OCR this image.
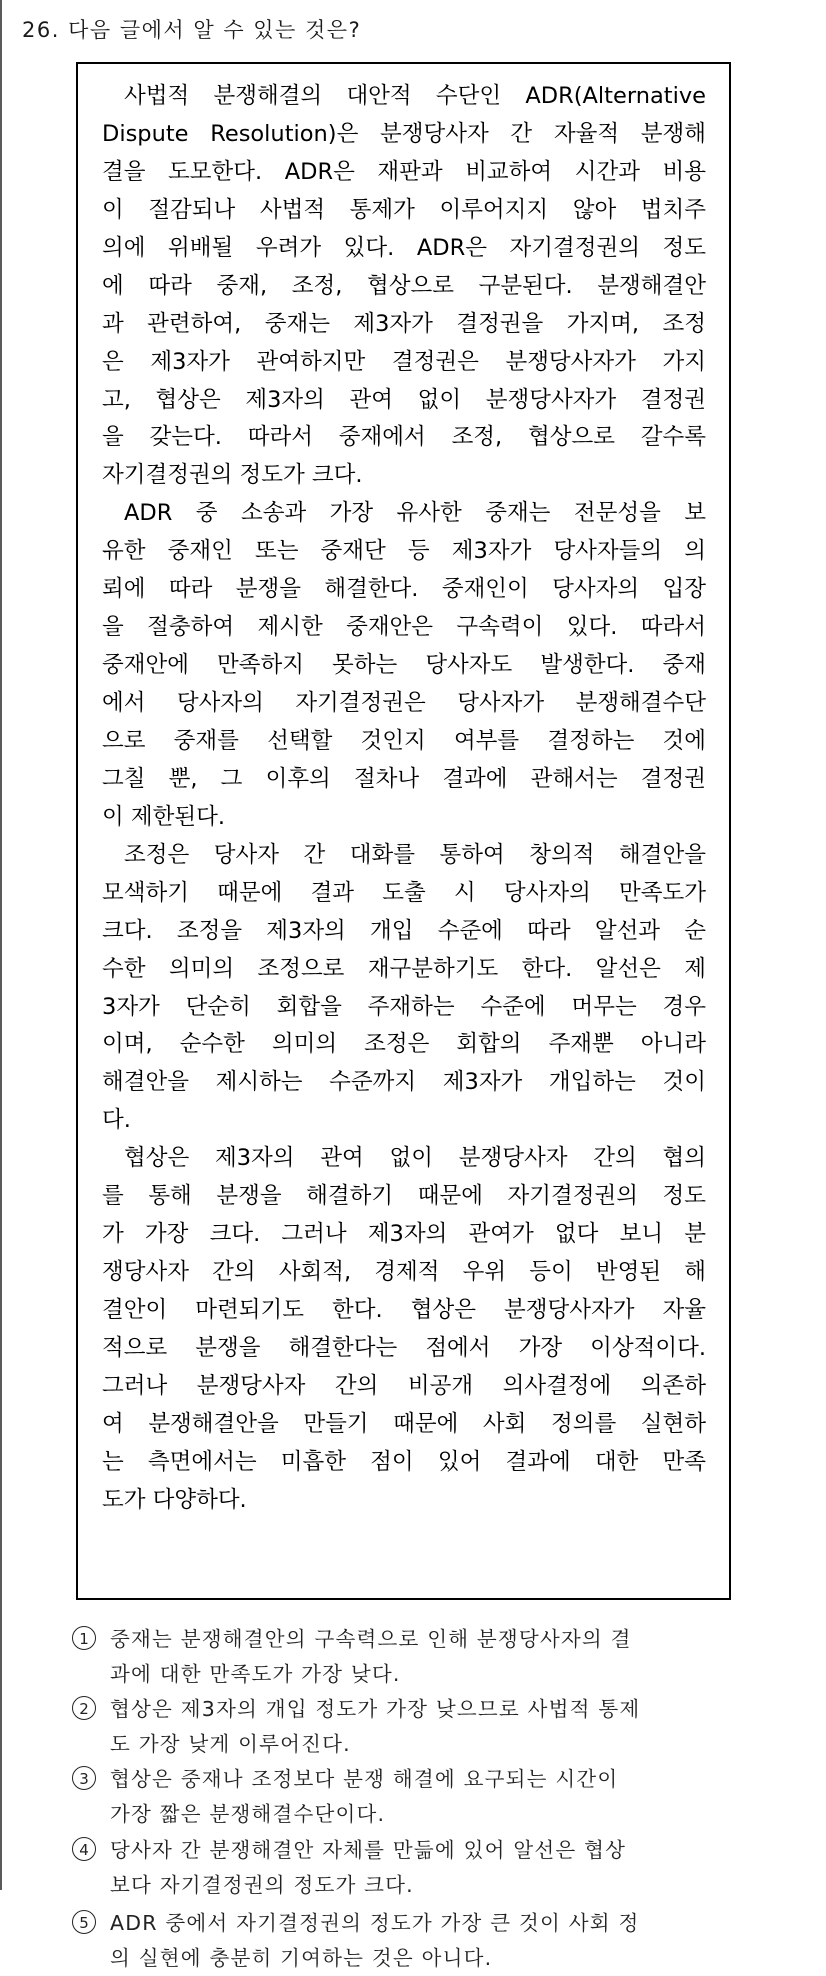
26. 다음 글에서 알 수 있는 것은?
사법적 분쟁해결의 대안적 수단인 ADR(Alternative
Dispute Resolution)은 분쟁당사자 간 자율적 분쟁해
결을 도모한다. ADR은 재판과 비교하여 시간과 비용
이 절감되나 사법적 통제가 이루어지지 않아 법치주
의에 위배될 우려가 있다. ADR은 자기결정권의 정도
에 따라 중재, 조정, 협상으로 구분된다. 분쟁해결안
과 관련하여, 중재는 제3자가 결정권을 가지며, 조정
은 제3자가 관여하지만 결정권은 분쟁당사자가 가지
고, 협상은 제3자의 관여 없이 분쟁당사자가 결정권
을 갖는다. 따라서 중재에서 조정, 협상으로 갈수록
자기결정권의 정도가 크다.
ADR 중 소송과 가장 유사한 중재는 전문성을 보
유한 중재인 또는 중재단 등 제3자가 당사자들의 의
뢰에 따라 분쟁을 해결한다. 중재인이 당사자의 입장
을 절충하여 제시한 중재안은 구속력이 있다. 따라서
중재안에 만족하지 못하는 당사자도 발생한다. 중재
에서 당사자의 자기결정권은 당사자가 분쟁해결수단
으로 중재를 선택할 것인지 여부를 결정하는 것에
그칠 뿐, 그 이후의 절차나 결과에 관해서는 결정권
이 제한된다.
조정은 당사자 간 대화를 통하여 창의적 해결안을
모색하기 때문에 결과 도출 시 당사자의 만족도가
크다. 조정을 제3자의 개입 수준에 따라 알선과 순
수한 의미의 조정으로 재구분하기도 한다. 알선은 제
3자가 단순히 회합을 주재하는 수준에 머무는 경우
이며, 순수한 의미의 조정은 회합의 주재뿐 아니라
해결안을 제시하는 수준까지 제3자가 개입하는 것이
다.
협상은 제3자의 관여 없이 분쟁당사자 간의 협의
를 통해 분쟁을 해결하기 때문에 자기결정권의 정도
가 가장 크다. 그러나 제3자의 관여가 없다 보니 분
쟁당사자 간의 사회적, 경제적 우위 등이 반영된 해
결안이 마련되기도 한다. 협상은 분쟁당사자가 자율
적으로 분쟁을 해결한다는 점에서 가장 이상적이다.
그러나 분쟁당사자 간의 비공개 의사결정에 의존하
여 분쟁해결안을 만들기 때문에 사회 정의를 실현하
는 측면에서는 미흡한 점이 있어 결과에 대한 만족
도가 다양하다.
1	중재는 분쟁해결안의 구속력으로 인해 분쟁당사자의 결
과에 대한 만족도가 가장 낮다.
2	협상은 제3자의 개입 정도가 가장 낮으므로 사법적 통제
도 가장 낮게 이루어진다.
3	협상은 중재나 조정보다 분쟁 해결에 요구되는 시간이
가장 짧은 분쟁해결수단이다.
4	당사자 간 분쟁해결안 자체를 만듦에 있어 알선은 협상
보다 자기결정권의 정도가 크다.
5	ADR 중에서 자기결정권의 정도가 가장 큰 것이 사회 정
의 실현에 충분히 기여하는 것은 아니다.
